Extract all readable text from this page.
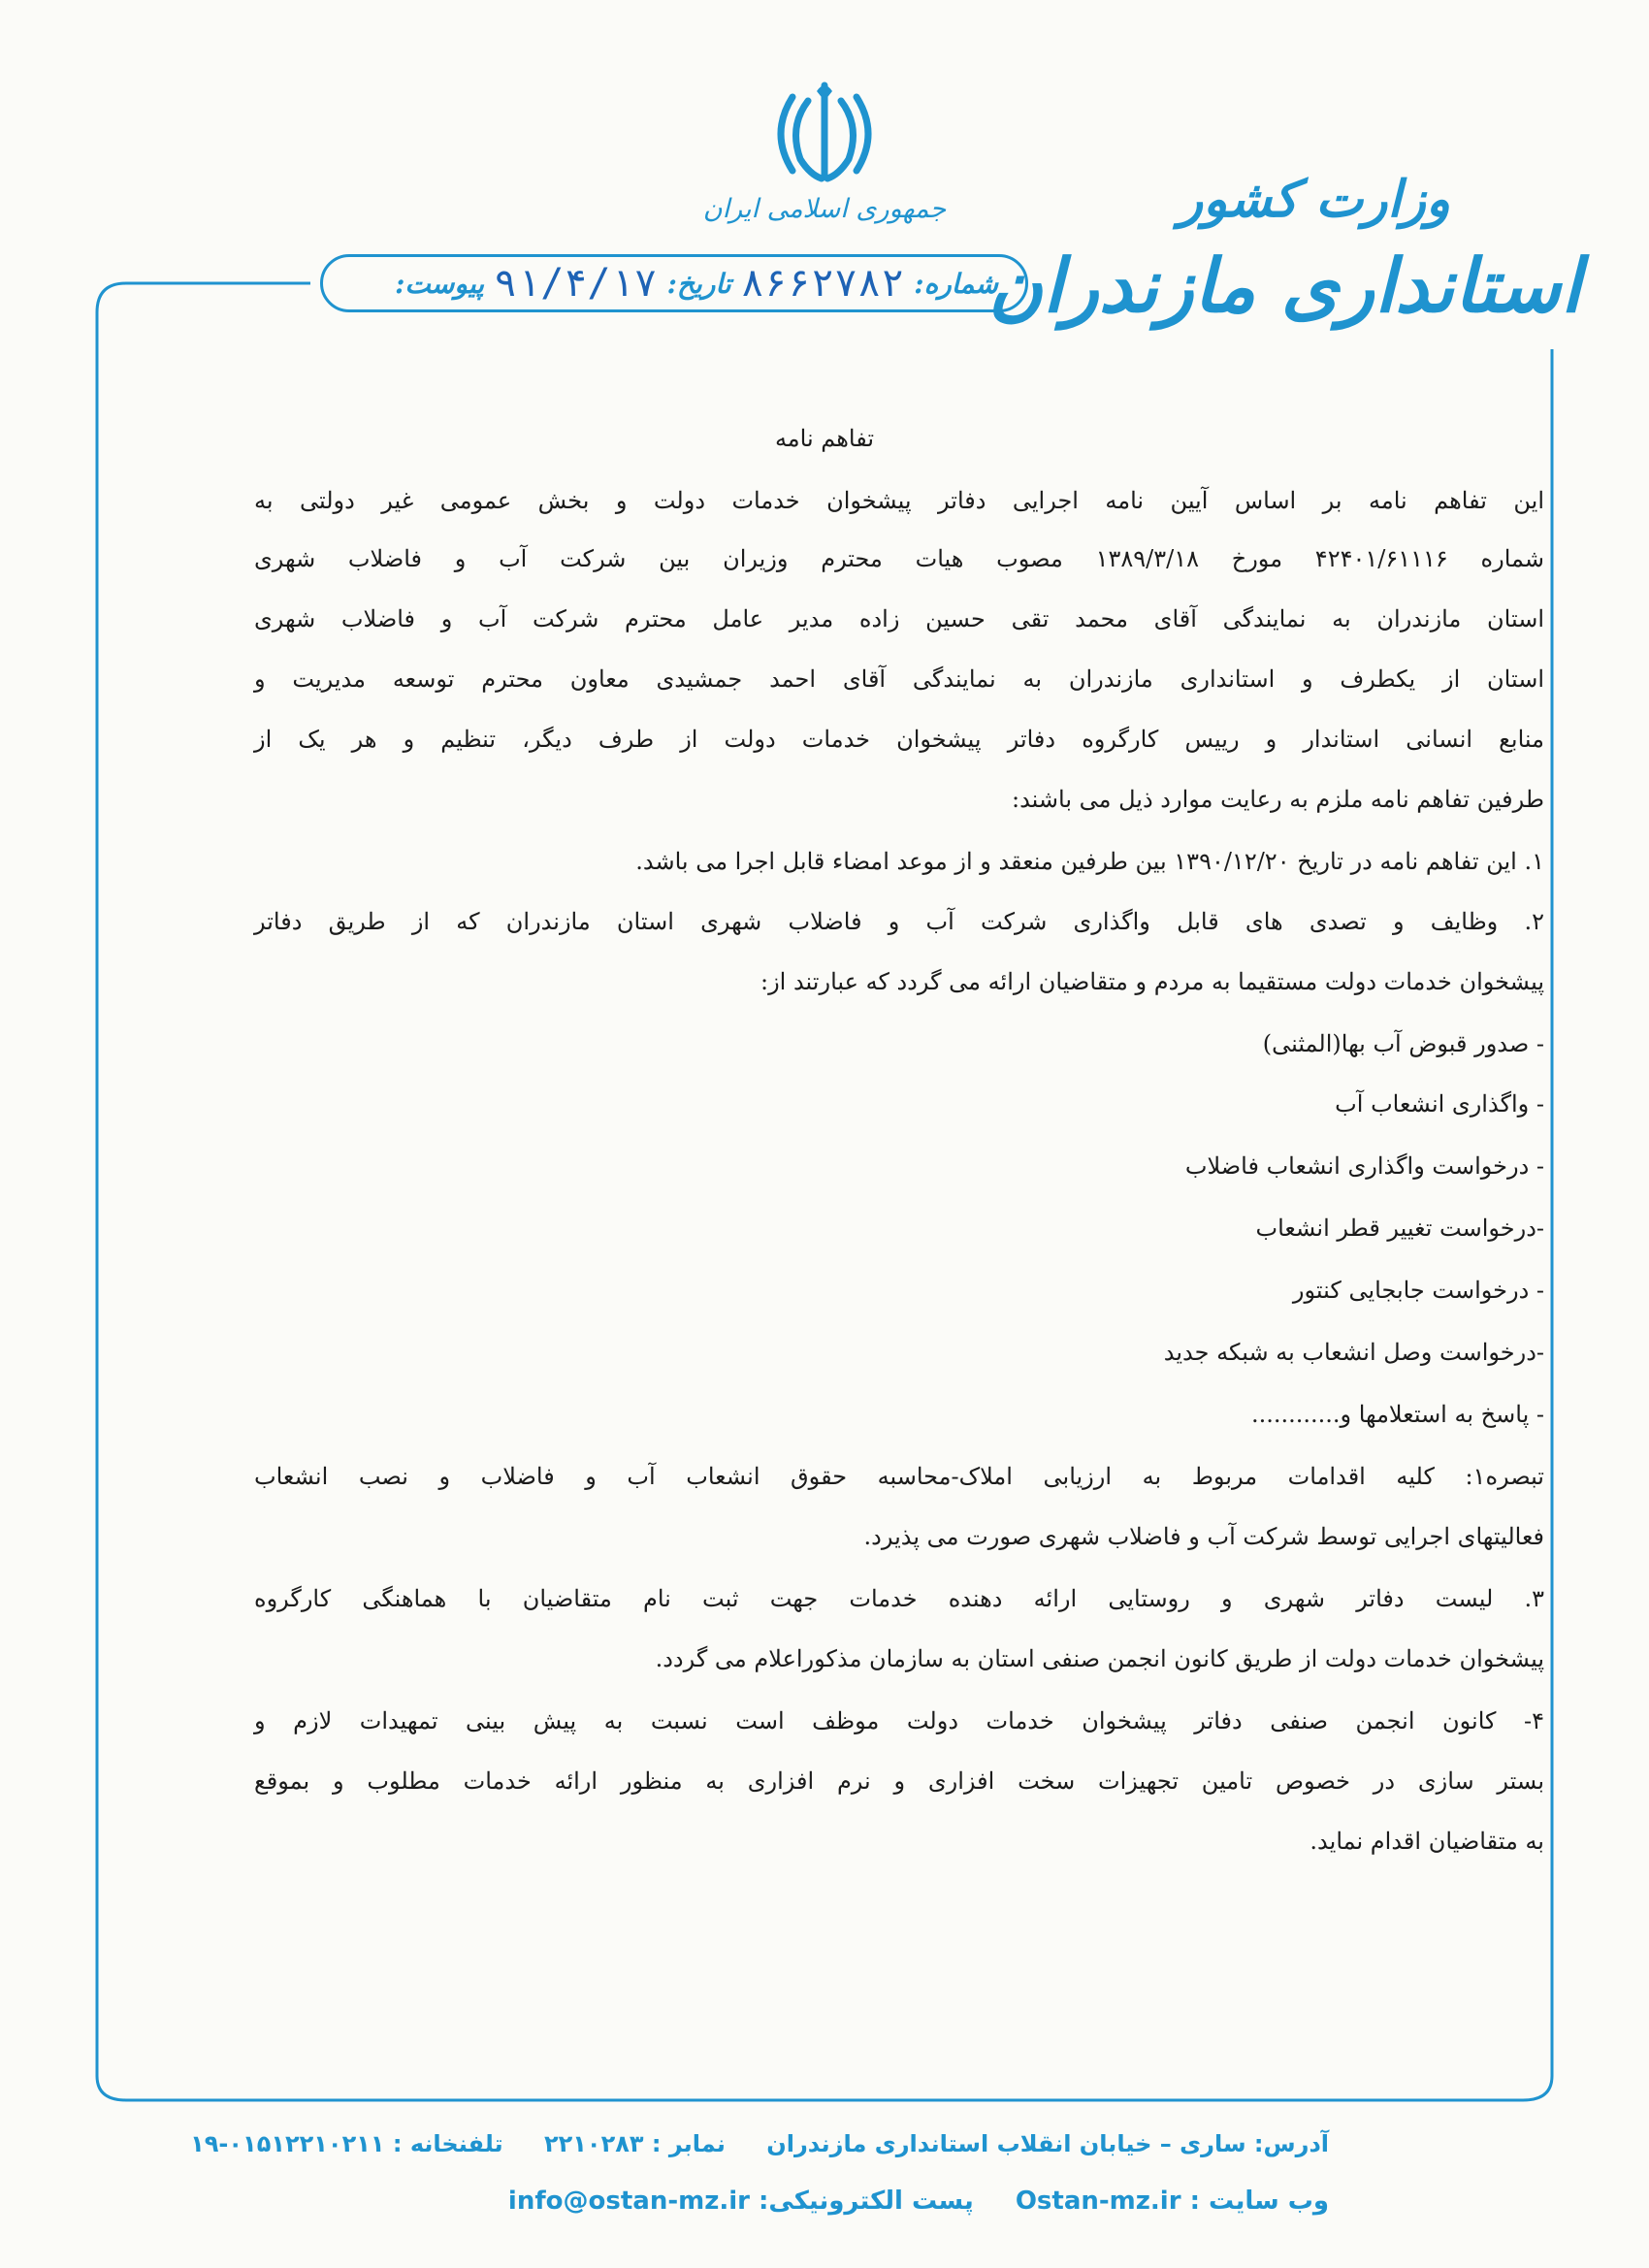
جمهوری اسلامی ایران	وزارت کشور
استانداری مازندران
شماره:
۸۶۶۲۷۸۲
تاریخ:
۹۱/۴/۱۷
پیوست:
تفاهم نامه
این تفاهم نامه بر اساس آیین نامه اجرایی دفاتر پیشخوان خدمات دولت و بخش عمومی غیر دولتی به
شماره ۴۲۴۰۱/۶۱۱۱۶ مورخ ۱۳۸۹/۳/۱۸ مصوب هیات محترم وزیران بین شرکت آب و فاضلاب شهری
استان مازندران به نمایندگی آقای محمد تقی حسین زاده مدیر عامل محترم شرکت آب و فاضلاب شهری
استان از یکطرف و استانداری مازندران به نمایندگی آقای احمد جمشیدی معاون محترم توسعه مدیریت و
منابع انسانی استاندار و رییس کارگروه دفاتر پیشخوان خدمات دولت از طرف دیگر، تنظیم و هر یک از
طرفین تفاهم نامه ملزم به رعایت موارد ذیل می باشند:
۱. این تفاهم نامه در تاریخ ۱۳۹۰/۱۲/۲۰ بین طرفین منعقد و از موعد امضاء قابل اجرا می باشد.
۲. وظایف و تصدی های قابل واگذاری شرکت آب و فاضلاب شهری استان مازندران که از طریق دفاتر
پیشخوان خدمات دولت مستقیما به مردم و متقاضیان ارائه می گردد که عبارتند از:
- صدور قبوض آب بها(المثنی)
- واگذاری انشعاب آب
- درخواست واگذاری انشعاب فاضلاب
-درخواست تغییر قطر انشعاب
- درخواست جابجایی کنتور
-درخواست وصل انشعاب به شبکه جدید
- پاسخ به استعلامها و............
تبصره۱: کلیه اقدامات مربوط به ارزیابی املاک-محاسبه حقوق انشعاب آب و فاضلاب و نصب انشعاب
فعالیتهای اجرایی توسط شرکت آب و فاضلاب شهری صورت می پذیرد.
۳. لیست دفاتر شهری و روستایی ارائه دهنده خدمات جهت ثبت نام متقاضیان با هماهنگی کارگروه
پیشخوان خدمات دولت از طریق کانون انجمن صنفی استان به سازمان مذکوراعلام می گردد.
۴- کانون انجمن صنفی دفاتر پیشخوان خدمات دولت موظف است نسبت به پیش بینی تمهیدات لازم و
بستر سازی در خصوص تامین تجهیزات سخت افزاری و نرم افزاری به منظور ارائه خدمات مطلوب و بموقع
به متقاضیان اقدام نماید.
آدرس: ساری – خیابان انقلاب استانداری مازندران نمابر : ۲۲۱۰۲۸۳ تلفنخانه : ۰۱۵۱۲۲۱۰۲۱۱-۱۹
وب سایت : Ostan-mz.ir پست الکترونیکی: info@ostan-mz.ir
